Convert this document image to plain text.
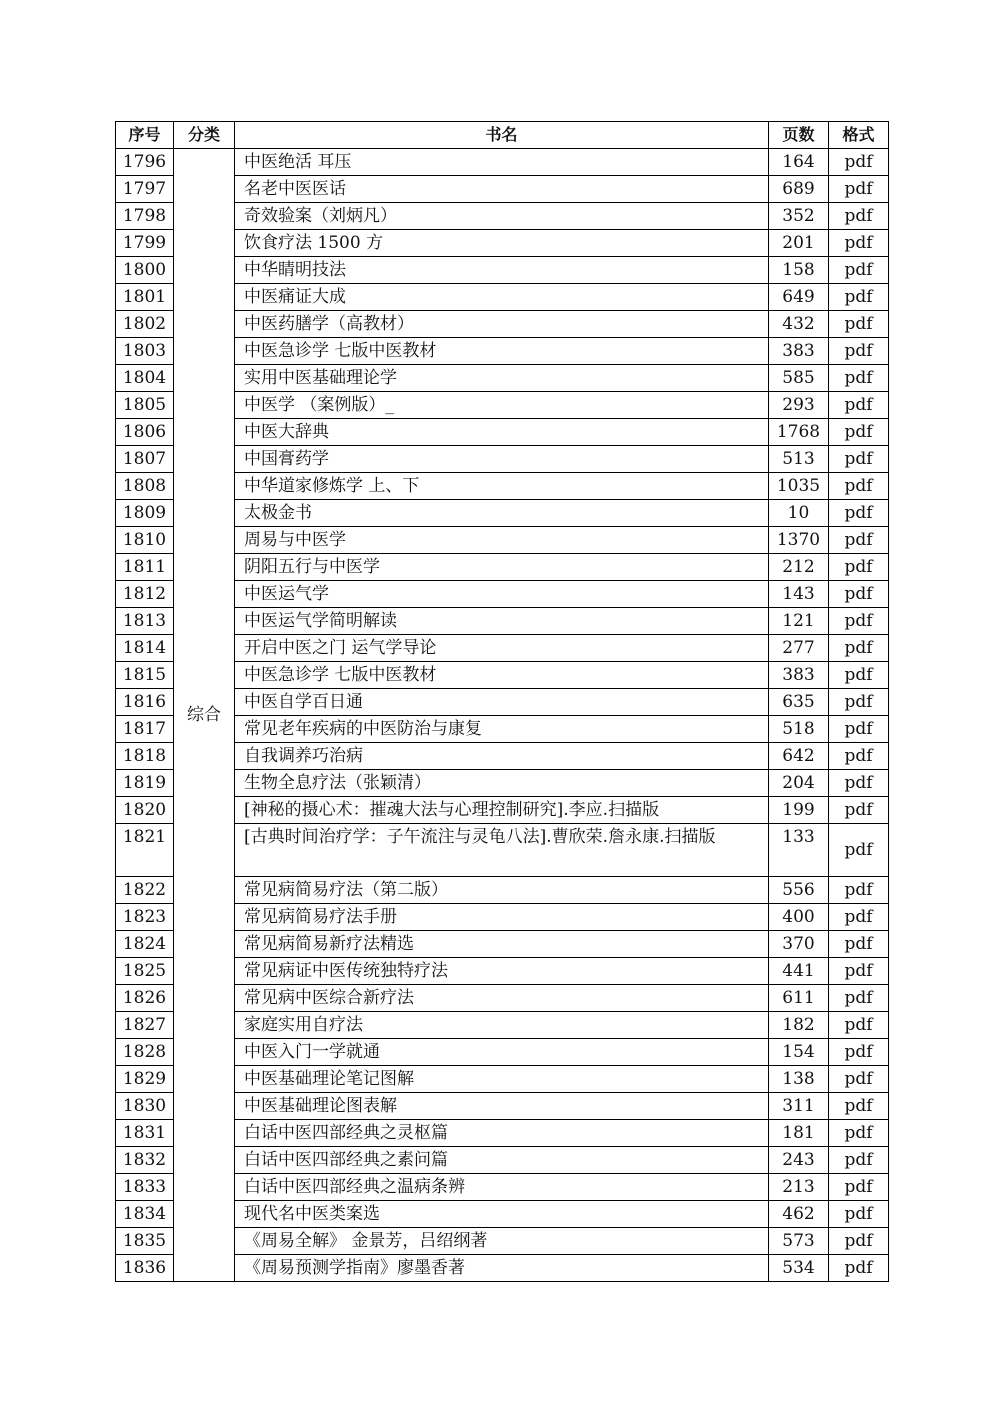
序号	分类	书名	页数	格式
1796	综合	中医绝活 耳压	164	pdf
1797		名老中医医话	689	pdf
1798		奇效验案（刘炳凡）	352	pdf
1799		饮食疗法 1500 方	201	pdf
1800		中华睛明技法	158	pdf
1801		中医痛证大成	649	pdf
1802		中医药膳学（高教材）	432	pdf
1803		中医急诊学 七版中医教材	383	pdf
1804		实用中医基础理论学	585	pdf
1805		中医学 （案例版）_	293	pdf
1806		中医大辞典	1768	pdf
1807		中国膏药学	513	pdf
1808		中华道家修炼学 上、下	1035	pdf
1809		太极金书	10	pdf
1810		周易与中医学	1370	pdf
1811		阴阳五行与中医学	212	pdf
1812		中医运气学	143	pdf
1813		中医运气学简明解读	121	pdf
1814		开启中医之门 运气学导论	277	pdf
1815		中医急诊学 七版中医教材	383	pdf
1816		中医自学百日通	635	pdf
1817		常见老年疾病的中医防治与康复	518	pdf
1818		自我调养巧治病	642	pdf
1819		生物全息疗法（张颖清）	204	pdf
1820		[神秘的摄心术：摧魂大法与心理控制研究].李应.扫描版	199	pdf
1821		[古典时间治疗学：子午流注与灵龟八法].曹欣荣.詹永康.扫描版	133	pdf
1822		常见病简易疗法（第二版）	556	pdf
1823		常见病简易疗法手册	400	pdf
1824		常见病简易新疗法精选	370	pdf
1825		常见病证中医传统独特疗法	441	pdf
1826		常见病中医综合新疗法	611	pdf
1827		家庭实用自疗法	182	pdf
1828		中医入门一学就通	154	pdf
1829		中医基础理论笔记图解	138	pdf
1830		中医基础理论图表解	311	pdf
1831		白话中医四部经典之灵枢篇	181	pdf
1832		白话中医四部经典之素问篇	243	pdf
1833		白话中医四部经典之温病条辨	213	pdf
1834		现代名中医类案选	462	pdf
1835		《周易全解》 金景芳，吕绍纲著	573	pdf
1836		《周易预测学指南》廖墨香著	534	pdf
